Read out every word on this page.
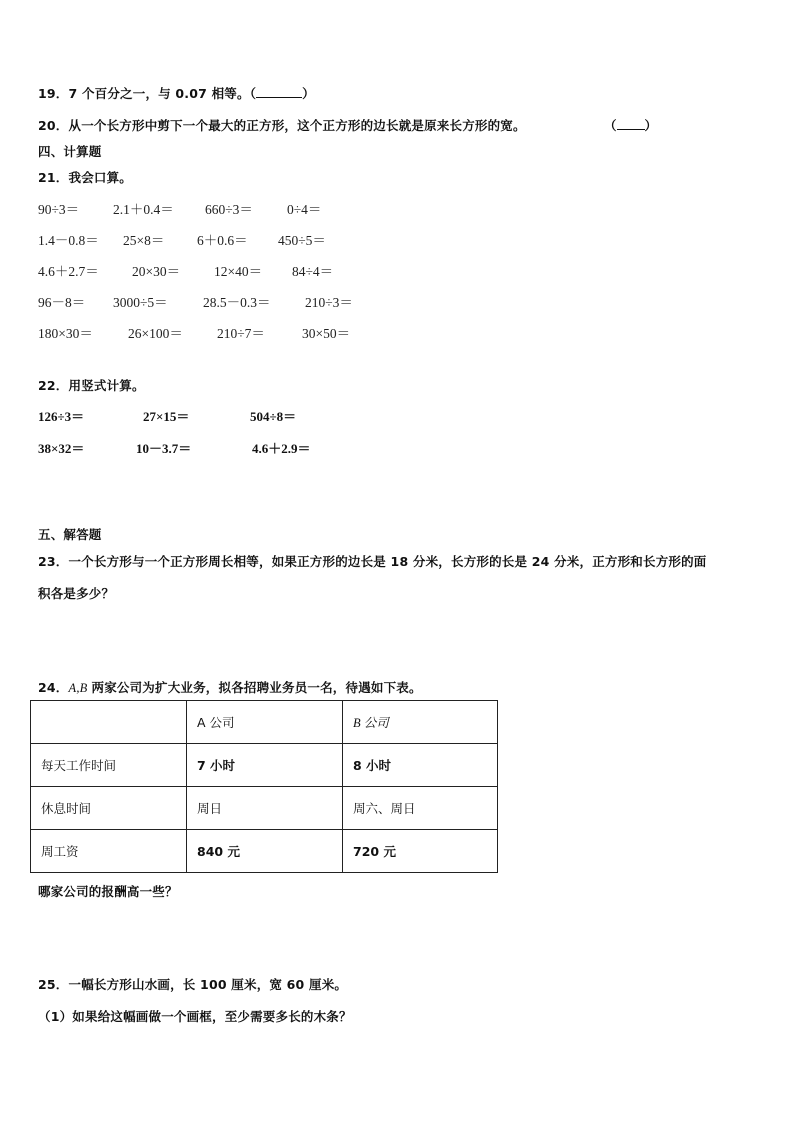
19．7 个百分之一，与 0.07 相等。（	）
20．从一个长方形中剪下一个最大的正方形，这个正方形的边长就是原来长方形的宽。	（ ）
四、计算题
21．我会口算。
90÷3＝	2.1＋0.4＝ 660÷3＝	0÷4＝
1.4－0.8＝ 25×8＝ 6＋0.6＝ 450÷5＝
4.6＋2.7＝ 20×30＝	12×40＝ 84÷4＝
96－8＝ 3000÷5＝	28.5－0.3＝	210÷3＝
180×30＝	26×100＝	210÷7＝	30×50＝
22．用竖式计算。
126÷3＝	27×15＝	504÷8＝
38×32＝	10－3.7＝	4.6＋2.9＝
五、解答题
23．一个长方形与一个正方形周长相等，如果正方形的边长是 18 分米，长方形的长是 24 分米，正方形和长方形的面
积各是多少？
24．A,B 两家公司为扩大业务，拟各招聘业务员一名，待遇如下表。
	A 公司	B 公司
每天工作时间	7 小时	8 小时
休息时间	周日	周六、周日
周工资	840 元	720 元
哪家公司的报酬高一些？
25．一幅长方形山水画，长 100 厘米，宽 60 厘米。
（1）如果给这幅画做一个画框，至少需要多长的木条？
